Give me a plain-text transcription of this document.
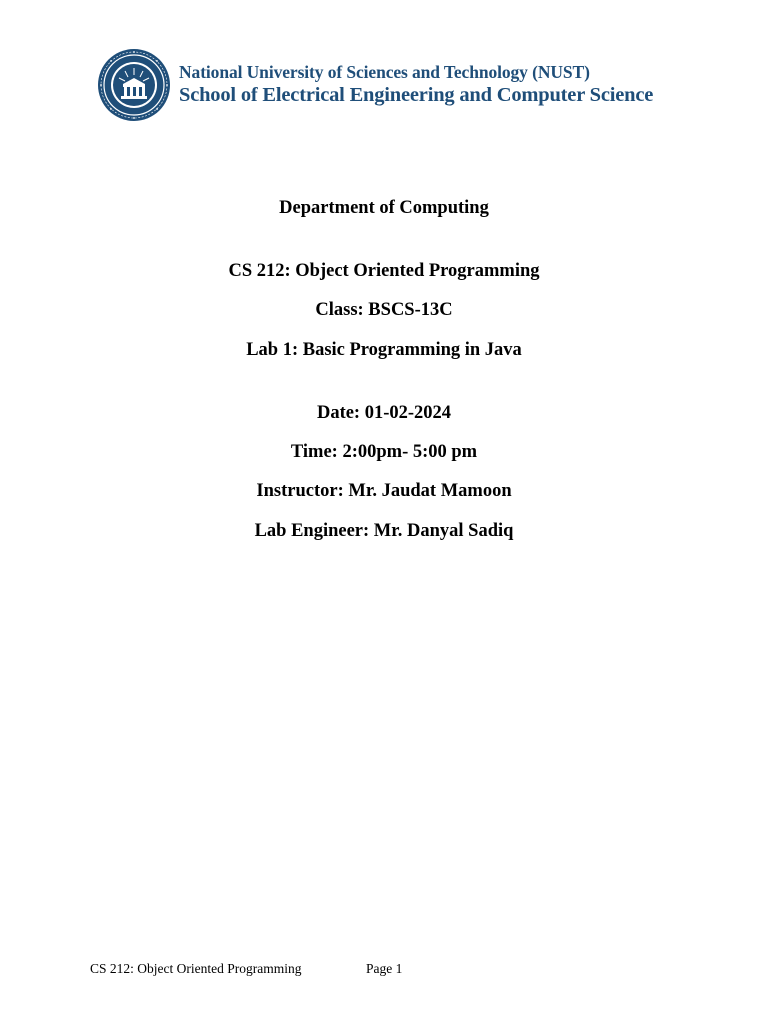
National University of Sciences and Technology (NUST)
School of Electrical Engineering and Computer Science
Department of Computing
CS 212: Object Oriented Programming
Class: BSCS-13C
Lab 1: Basic Programming in Java
Date: 01-02-2024
Time: 2:00pm- 5:00 pm
Instructor: Mr. Jaudat Mamoon
Lab Engineer: Mr. Danyal Sadiq
CS 212: Object Oriented Programming	Page 1
